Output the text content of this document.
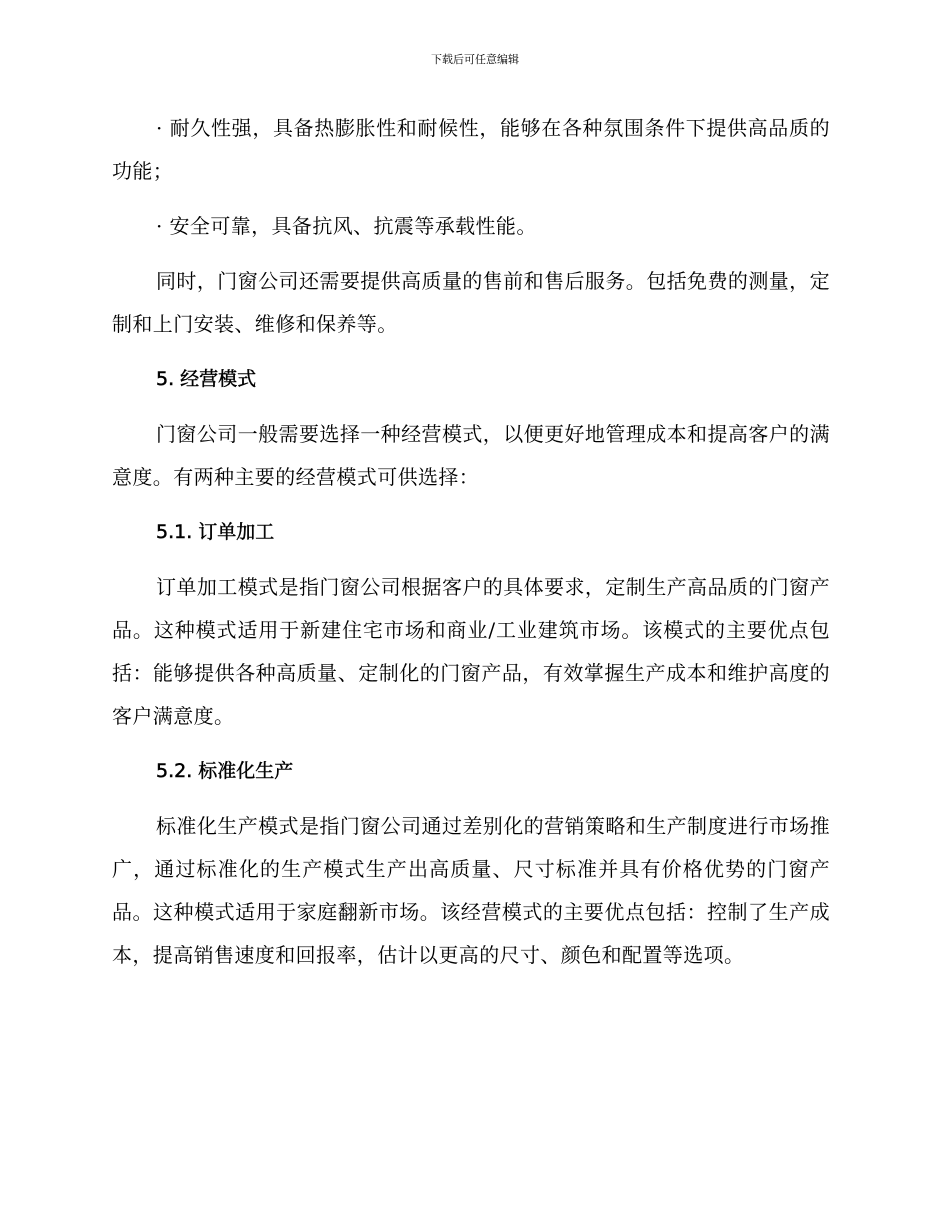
下载后可任意编辑

· 耐久性强，具备热膨胀性和耐候性，能够在各种氛围条件下提供高品质的功能；

· 安全可靠，具备抗风、抗震等承载性能。

同时，门窗公司还需要提供高质量的售前和售后服务。包括免费的测量，定制和上门安装、维修和保养等。

5. 经营模式

门窗公司一般需要选择一种经营模式，以便更好地管理成本和提高客户的满意度。有两种主要的经营模式可供选择：

5.1. 订单加工

订单加工模式是指门窗公司根据客户的具体要求，定制生产高品质的门窗产品。这种模式适用于新建住宅市场和商业/工业建筑市场。该模式的主要优点包括：能够提供各种高质量、定制化的门窗产品，有效掌握生产成本和维护高度的客户满意度。

5.2. 标准化生产

标准化生产模式是指门窗公司通过差别化的营销策略和生产制度进行市场推广，通过标准化的生产模式生产出高质量、尺寸标准并具有价格优势的门窗产品。这种模式适用于家庭翻新市场。该经营模式的主要优点包括：控制了生产成本，提高销售速度和回报率，估计以更高的尺寸、颜色和配置等选项。
